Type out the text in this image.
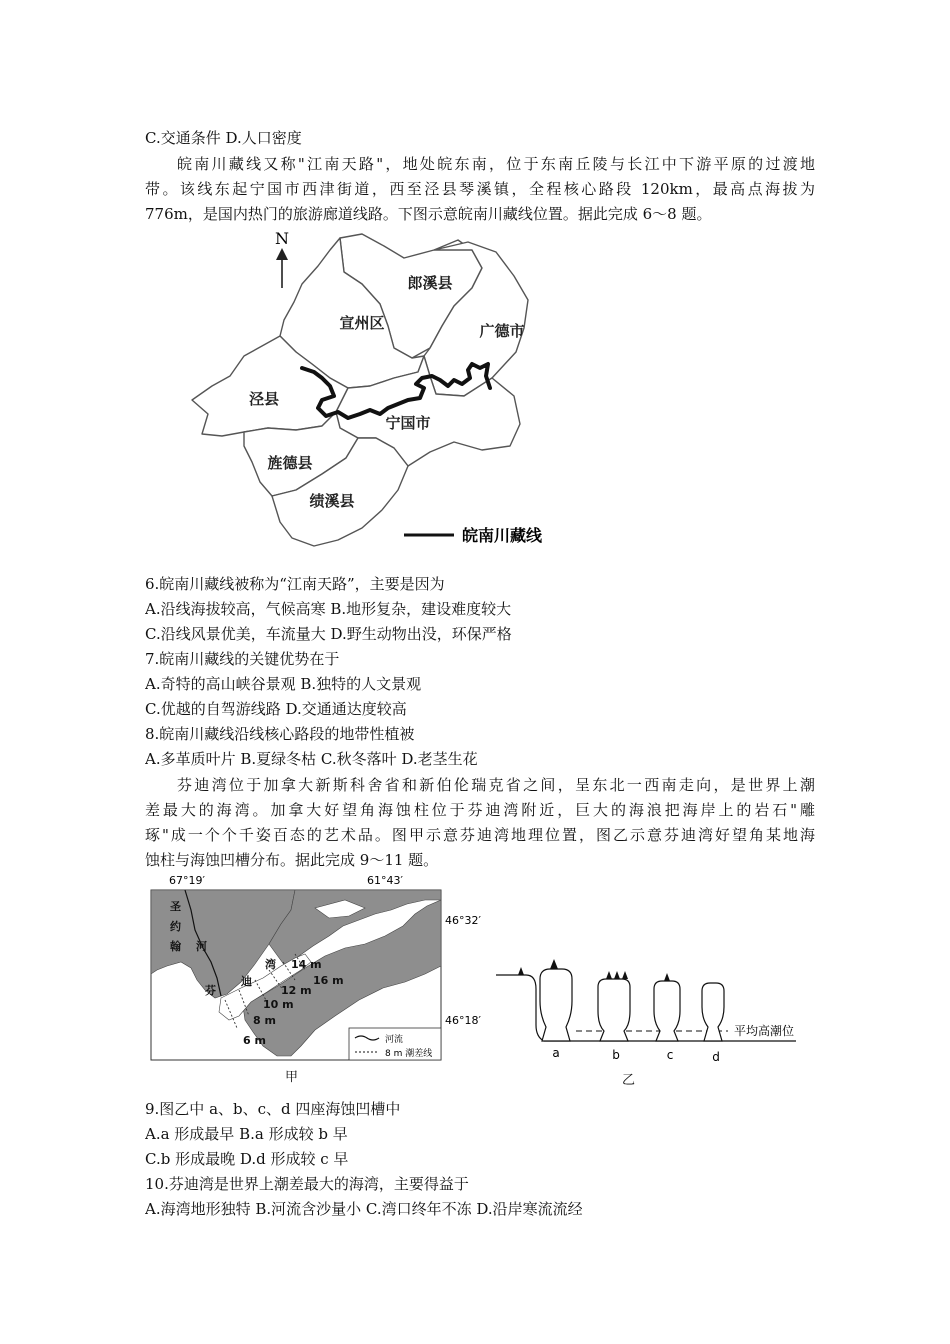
C.交通条件 D.人口密度
皖南川藏线又称"江南天路"，地处皖东南，位于东南丘陵与长江中下游平原的过渡地
带。该线东起宁国市西津街道，西至泾县琴溪镇，全程核心路段 120km，最高点海拔为
776m，是国内热门的旅游廊道线路。下图示意皖南川藏线位置。据此完成 6～8 题。
N
郎溪县
宣州区	广德市
泾县
宁国市
旌德县
绩溪县
皖南川藏线
6.皖南川藏线被称为“江南天路”，主要是因为
A.沿线海拔较高，气候高寒 B.地形复杂，建设难度较大
C.沿线风景优美，车流量大 D.野生动物出没，环保严格
7.皖南川藏线的关键优势在于
A.奇特的高山峡谷景观 B.独特的人文景观
C.优越的自驾游线路 D.交通通达度较高
8.皖南川藏线沿线核心路段的地带性植被
A.多革质叶片 B.夏绿冬枯 C.秋冬落叶 D.老茎生花
芬迪湾位于加拿大新斯科舍省和新伯伦瑞克省之间，呈东北一西南走向，是世界上潮
差最大的海湾。加拿大好望角海蚀柱位于芬迪湾附近，巨大的海浪把海岸上的岩石"雕
琢"成一个个千姿百态的艺术品。图甲示意芬迪湾地理位置，图乙示意芬迪湾好望角某地海
蚀柱与海蚀凹槽分布。据此完成 9～11 题。
67°19′	61°43′
圣
约
翰 河
芬
迪
湾 14 m
16 m
12 m
10 m
8 m
6 m	河流
8 m 潮差线
46°32′
46°18′
甲
平均高潮位
a	b	c	d
乙
9.图乙中 a、b、c、d 四座海蚀凹槽中
A.a 形成最早 B.a 形成较 b 早
C.b 形成最晚 D.d 形成较 c 早
10.芬迪湾是世界上潮差最大的海湾，主要得益于
A.海湾地形独特 B.河流含沙量小 C.湾口终年不冻 D.沿岸寒流流经
